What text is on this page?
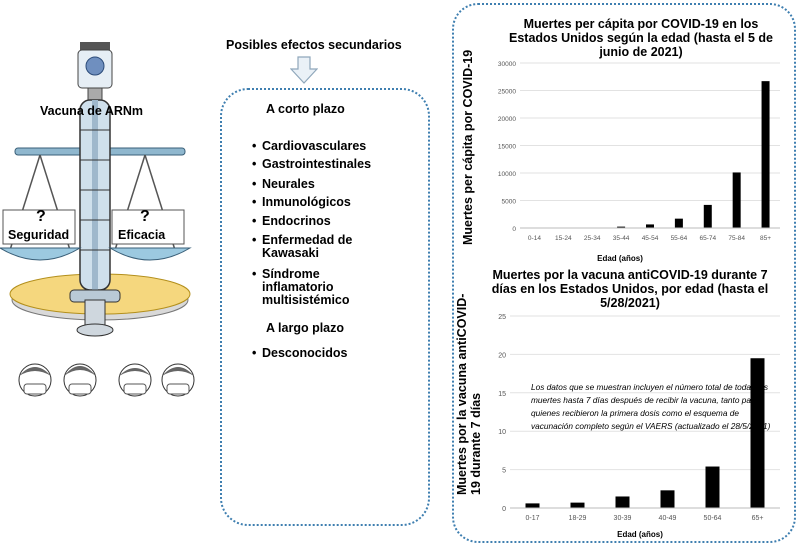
Vacuna de ARNm
?	?
Seguridad	Eficacia
Posibles efectos secundarios
A corto plazo
• Cardiovasculares
• Gastrointestinales
• Neurales
• Inmunológicos
• Endocrinos
• Enfermedad de Kawasaki
• Síndrome inflamatorio multisistémico
A largo plazo
• Desconocidos
Muertes per cápita por COVID-19 en los Estados Unidos según la edad (hasta el 5 de junio de 2021)
Muertes per cápita por COVID-19	0
5000
10000
15000
20000
25000
30000
0-14 15-24 25-34 35-44 45-54 55-64 65-74 75-84 85+
Edad (años)
Muertes por la vacuna antiCOVID-19 durante 7 días en los Estados Unidos, por edad (hasta el 5/28/2021)
Muertes por la vacuna antiCOVID-19 durante 7 días
0
5
10
15
20
25
0-17	18-29	30-39	40-49	50-64	65+
Edad (años)
Los datos que se muestran incluyen el número total de todas las muertes hasta 7 días después de recibir la vacuna, tanto para quienes recibieron la primera dosis como el esquema de vacunación completo según el VAERS (actualizado el 28/5/2021)
